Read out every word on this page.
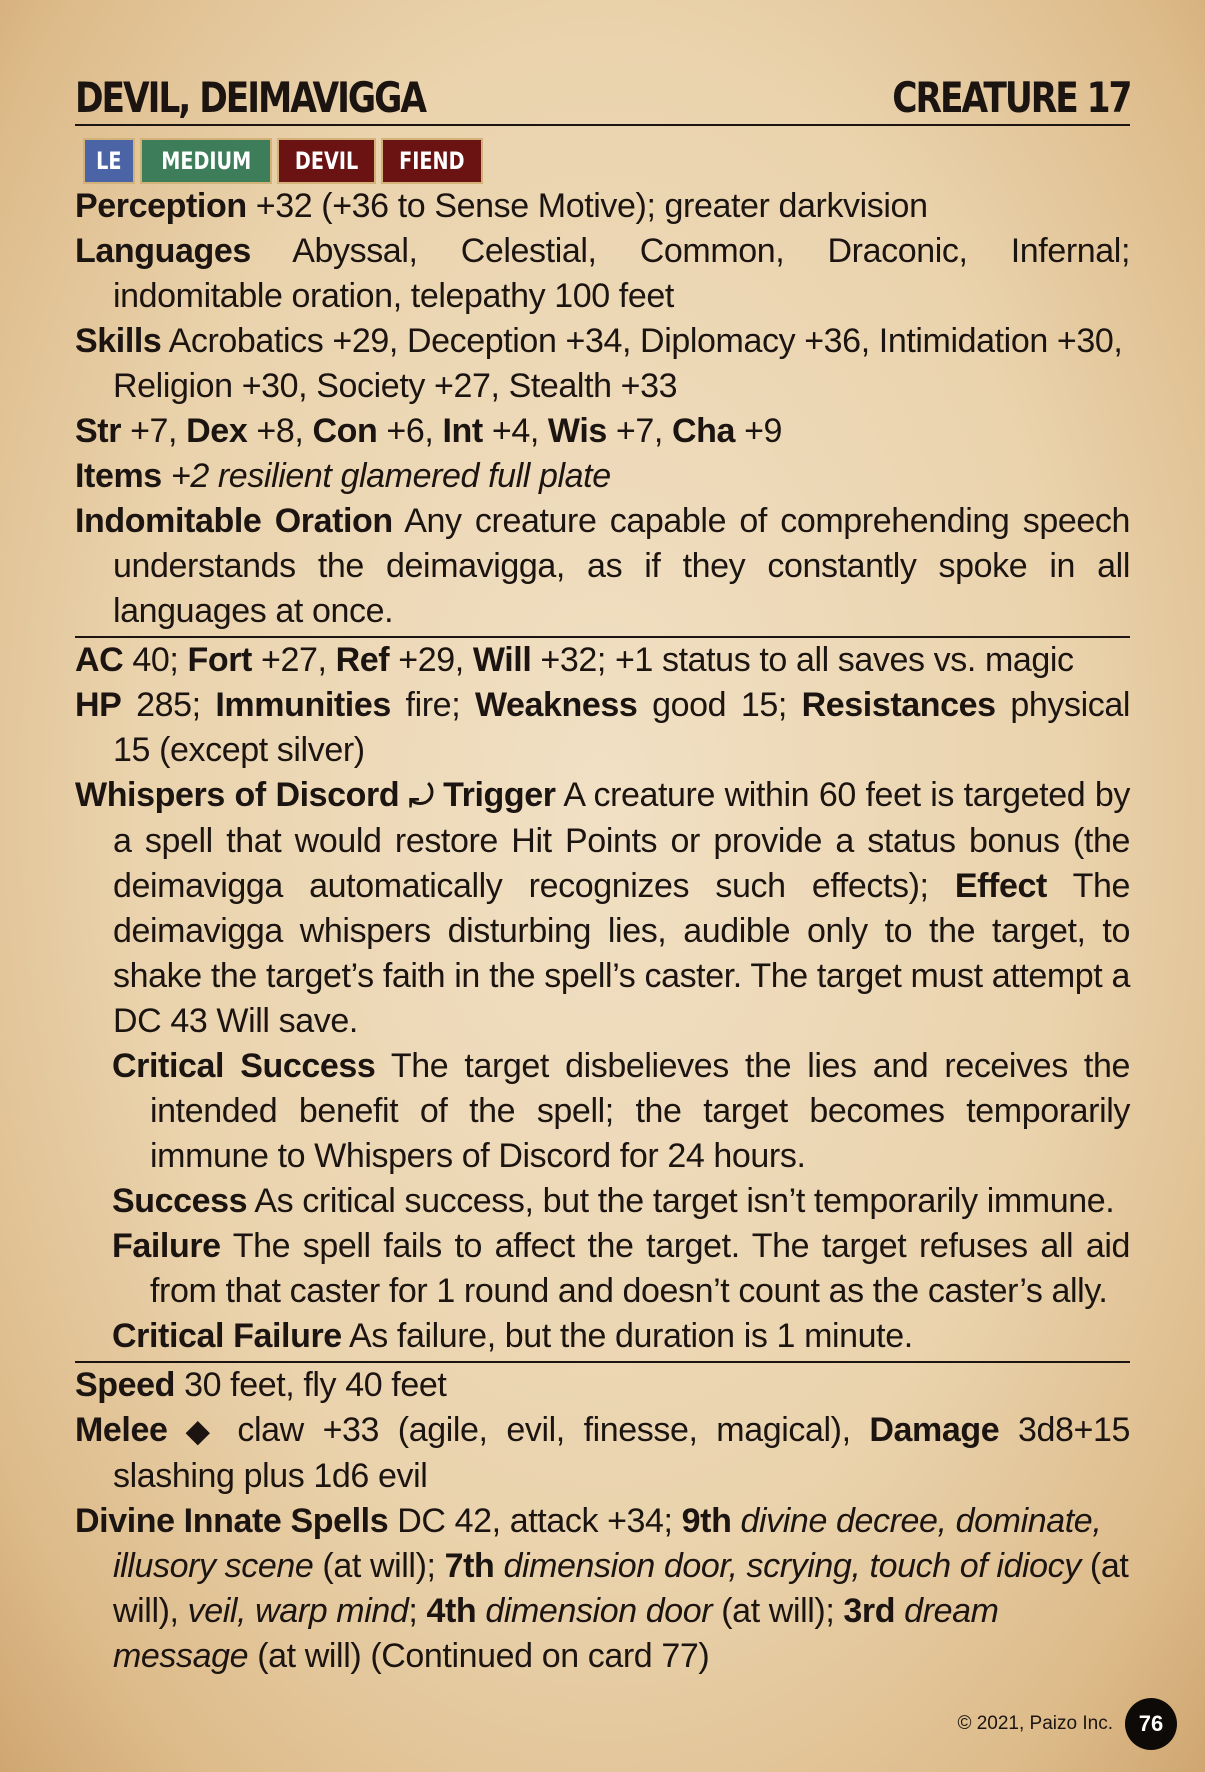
DEVIL, DEIMAVIGGA	CREATURE 17
LE	MEDIUM	DEVIL	FIEND
Perception +32 (+36 to Sense Motive); greater darkvision
Languages Abyssal, Celestial, Common, Draconic, Infernal; indomitable oration, telepathy 100 feet
Skills Acrobatics +29, Deception +34, Diplomacy +36, Intimidation +30, Religion +30, Society +27, Stealth +33
Str +7, Dex +8, Con +6, Int +4, Wis +7, Cha +9
Items +2 resilient glamered full plate
Indomitable Oration Any creature capable of comprehending speech understands the deimavigga, as if they constantly spoke in all languages at once.
AC 40; Fort +27, Ref +29, Will +32; +1 status to all saves vs. magic
HP 285; Immunities fire; Weakness good 15; Resistances physical 15 (except silver)
Whispers of Discord ⤾ Trigger A creature within 60 feet is targeted by a spell that would restore Hit Points or provide a status bonus (the deimavigga automatically recognizes such effects); Effect The deimavigga whispers disturbing lies, audible only to the target, to shake the target’s faith in the spell’s caster. The target must attempt a DC 43 Will save.
Critical Success The target disbelieves the lies and receives the intended benefit of the spell; the target becomes temporarily immune to Whispers of Discord for 24 hours.
Success As critical success, but the target isn’t temporarily immune.
Failure The spell fails to affect the target. The target refuses all aid from that caster for 1 round and doesn’t count as the caster’s ally.
Critical Failure As failure, but the duration is 1 minute.
Speed 30 feet, fly 40 feet
Melee ◆ claw +33 (agile, evil, finesse, magical), Damage 3d8+15 slashing plus 1d6 evil
Divine Innate Spells DC 42, attack +34; 9th divine decree, dominate, illusory scene (at will); 7th dimension door, scrying, touch of idiocy (at will), veil, warp mind; 4th dimension door (at will); 3rd dream message (at will) (Continued on card 77)
© 2021, Paizo Inc.	76
